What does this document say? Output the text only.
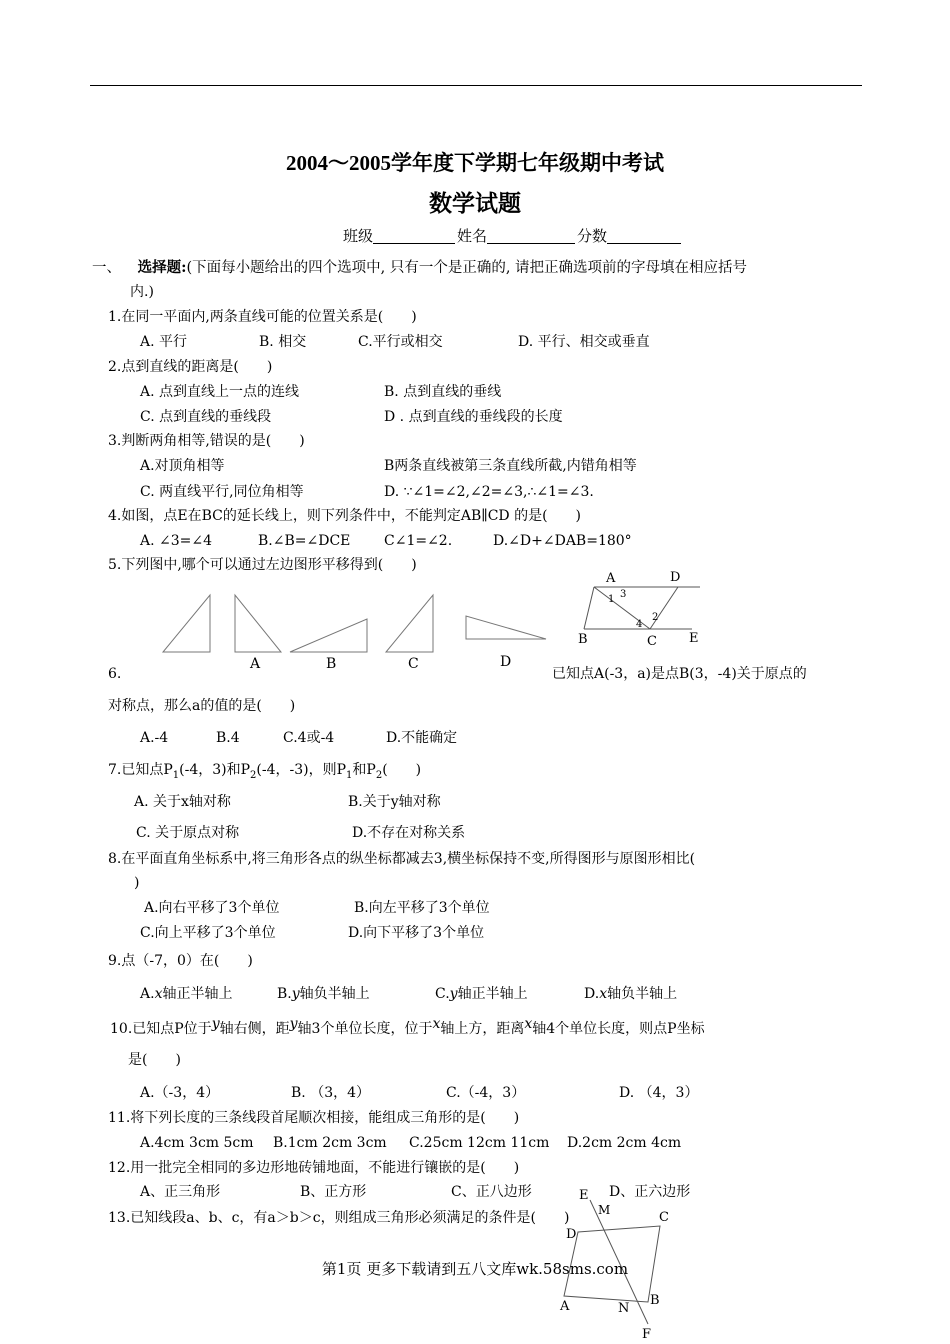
2004～2005学年度下学期七年级期中考试
数学试题
班级	姓名	分数
一、 选择题:(下面每小题给出的四个选项中, 只有一个是正确的, 请把正确选项前的字母填在相应括号
内.)
1.在同一平面内,两条直线可能的位置关系是(　　)
A. 平行	B. 相交	C.平行或相交	D. 平行、相交或垂直
2.点到直线的距离是(　　)
A. 点到直线上一点的连线	B. 点到直线的垂线
C. 点到直线的垂线段	D . 点到直线的垂线段的长度
3.判断两角相等,错误的是(　　)
A.对顶角相等	B两条直线被第三条直线所截,内错角相等
C. 两直线平行,同位角相等	D. ∵∠1=∠2,∠2=∠3,∴∠1=∠3.
4.如图，点E在BC的延长线上，则下列条件中，不能判定AB∥CD 的是(　　)
A. ∠3=∠4	B.∠B=∠DCE C∠1=∠2.	D.∠D+∠DAB=180°
5.下列图中,哪个可以通过左边图形平移得到(　　)
A	B	C	D
A	D
B	C E
1 3
2
4
6.	已知点A(-3，a)是点B(3，-4)关于原点的
对称点，那么a的值的是(　　)
A.-4	B.4	C.4或-4	D.不能确定
7.已知点$P_1(-4$，3)和$P_2(-4$，-3)，则$P_1$和$P_2$(　　)
A. 关于x轴对称	B.关于y轴对称
C. 关于原点对称	D.不存在对称关系
8.在平面直角坐标系中,将三角形各点的纵坐标都减去3,横坐标保持不变,所得图形与原图形相比(
)
A.向右平移了3个单位	B.向左平移了3个单位
C.向上平移了3个单位	D.向下平移了3个单位
9.点（-7，0）在(　　)
A.x轴正半轴上	B.y轴负半轴上	C.y轴正半轴上	D.x轴负半轴上
10.已知点P位于y轴右侧，距y轴3个单位长度，位于x轴上方，距离x轴4个单位长度，则点P坐标
是(　　)
A.（-3，4）	B. （3，4）	C.（-4，3）	D. （4，3）
11.将下列长度的三条线段首尾顺次相接，能组成三角形的是(　　)
A.4cm 3cm 5cm B.1cm 2cm 3cm C.25cm 12cm 11cm D.2cm 2cm 4cm
12.用一批完全相同的多边形地砖铺地面，不能进行镶嵌的是(　　)
A、正三角形	B、正方形	C、正八边形	D、正六边形
13.已知线段a、b、c，有a＞b＞c，则组成三角形必须满足的条件是(　　)
E
M	C
D
A	N
B
F
第1页 更多下载请到五八文库wk.58sms.com
